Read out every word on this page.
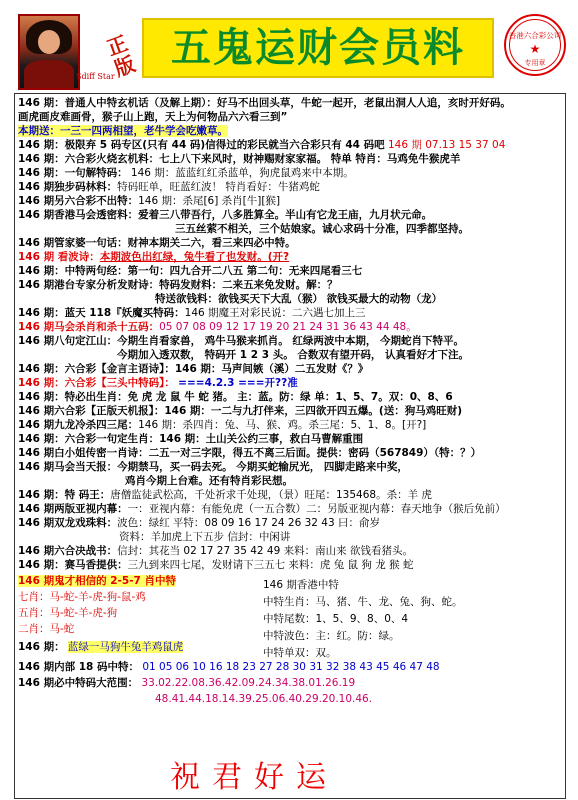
Sdiff Star
正版 五鬼运财会员料	香港六合彩公司
★
专用章
146 期：普通人中特玄机话（及解上期）：好马不出回头草，牛蛇一起开，老鼠出洞人人追，亥时开好码。
画虎画皮难画骨，猴子山上跑，天上为何物品六六看三到”
本期送：一三一四两相望，老牛学会吃嫩草。
146 期：极限弃 5 码专区(只有 44 码)信得过的彩民就当六合彩只有 44 码吧 146 期 07.13 15 37 04
146 期：六合彩火烧玄机料：七上八下来风时，财神赐财家家福。 特单 特肖：马鸡免牛猴虎羊
146 期：一句解特码： 146 期：蓝蓝红红杀蓝单，狗虎鼠鸡来中本期。
146 期独步码林料：特码旺单，旺蓝红波！ 特肖看好：牛猪鸡蛇
146 期另六合彩不出特：146 期：杀尾[6] 杀肖[牛][猴]
146 期香港马会透密料：爱着三八带吾行，八多胜算全。半山有它龙王庙，九月状元命。
三五丝萦不相关，三个姑娘家。诚心求码十分准，四季都坚持。
146 期管家婆一句话：财神本期关二六，看三来四必中特。
146 期 看波诗：本期波色出红绿，兔牛看了也发财。(开?
146 期：中特两句经：第一句：四九合开二八五 第二句：无来四尾看三七
146 期港台专家分析发财诗：特码发财料：二来五来免发财。解：？
特送欲钱料：欲钱买天下大乱（猴） 欲钱买最大的动物（龙）
146 期：蓝天 118『妖魔买特码：146 期魔王对彩民说：二六遇七加上三
146 期马会杀肖和杀十五码：05 07 08 09 12 17 19 20 21 24 31 36 43 44 48。
146 期八句定江山：今期生肖看家兽， 鸡牛马猴来抓肖。 红绿两波中本期， 今期蛇肖下特平。
今期加入透双数， 特码开 1 2 3 头。 合数双有望开码， 认真看好才下注。
146 期：六合彩【金言主语诗】：146 期：马声间嫉（溪）二五发财《？》
146 期：六合彩【三头中特码】： ===4.2.3 ===开??准
146 期：特必出生肖：免 虎 龙 鼠 牛 蛇 猪。 主：蓝。防：绿 单：1、5、7。双：0、8、6
146 期六合彩【正版天机报】：146 期：一二与九打伴来，三四欲开四五爆。(送：狗马鸡旺财)
146 期九龙冷杀四三尾：146 期：杀四肖：兔、马、猴、鸡。杀三尾：5、1、8。[开?]
146 期：六合彩一句定生肖：146 期：土山关公约三事，救白马曹解重围
146 期白小姐传密一肖诗：二五一对三字限，得五不离三后面。提供：密码（567849）（特：？）
146 期马会当天报：今期禁马，买一码去死。 今期买蛇输尻光， 四脚走路来中奖，
鸡肖今期上台难。还有特肖彩民想。
146 期：特 码王：唐僧监徒武松高，千处祈求千处现，（景）旺尾：135468。杀：羊 虎
146 期两版亚视内幕：一：亚视内幕：有能免虎（一五合数）二：另版亚视内幕：春天地争（猴后免前）
146 期双龙戏珠料：波色：绿红 平特：08 09 16 17 24 26 32 43 曰：俞岁
资料：羊加虎上下五步 信封：中闲讲
146 期六合决战书：信封：其花当 02 17 27 35 42 49 来料：南山来 欲钱看猪头。
146 期：赛马香提供：三九到来四七尾，发财请下三五七 来料：虎 兔 鼠 狗 龙 猴 蛇
146 期鬼才相信的 2-5-7 肖中特	146 期香港中特
七肖：马-蛇-羊-虎-狗-鼠-鸡	中特生肖：马、猪、牛、龙、兔、狗、蛇。
五肖：马-蛇-羊-虎-狗	中特尾数：1、5、9、8、0、4
二肖：马-蛇
中特波色：主：红。防：绿。
146 期： 蓝绿一马狗牛兔羊鸡鼠虎	中特单双：双。
146 期内部 18 码中特： 01 05 06 10 16 18 23 27 28 30 31 32 38 43 45 46 47 48
146 期必中特码大范围： 33.02.22.08.36.42.09.24.34.38.01.26.19
48.41.44.18.14.39.25.06.40.29.20.10.46.
祝君好运
